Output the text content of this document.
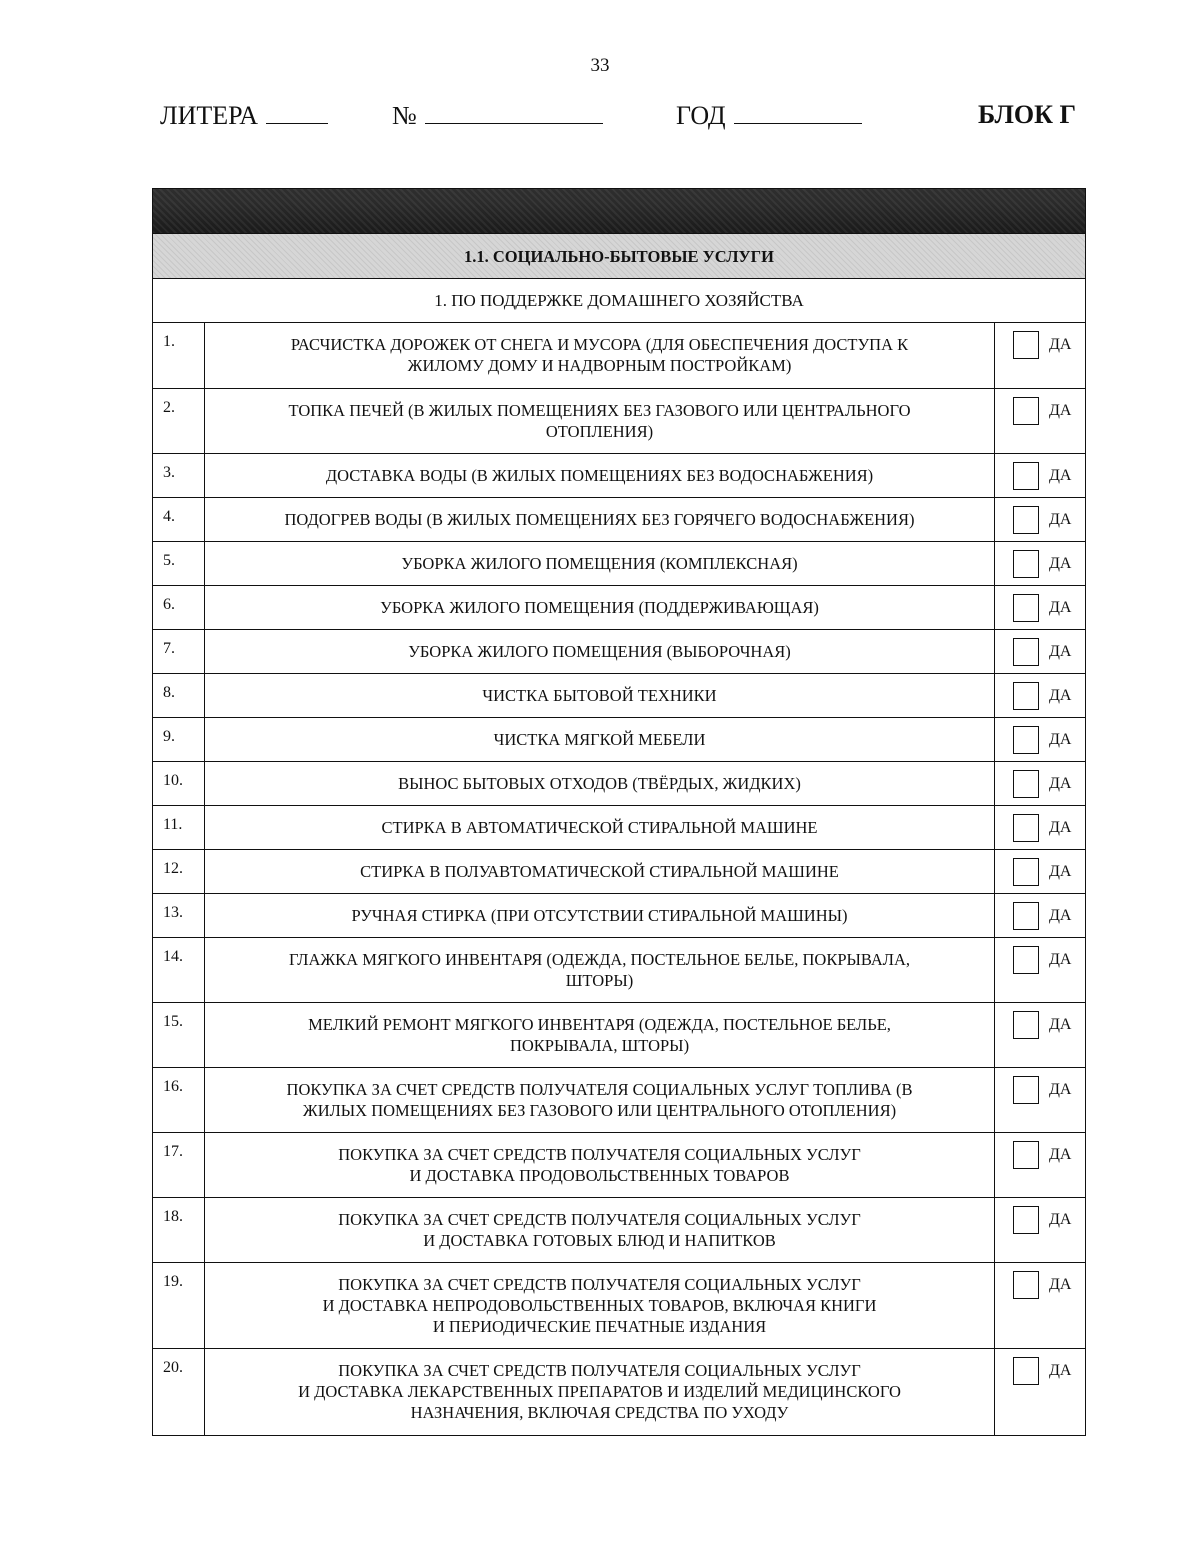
33
ЛИТЕРА	№	ГОД	БЛОК Г
1.1. СОЦИАЛЬНО-БЫТОВЫЕ УСЛУГИ
1. ПО ПОДДЕРЖКЕ ДОМАШНЕГО ХОЗЯЙСТВА
1.	РАСЧИСТКА ДОРОЖЕК ОТ СНЕГА И МУСОРА (ДЛЯ ОБЕСПЕЧЕНИЯ ДОСТУПА К
ЖИЛОМУ ДОМУ И НАДВОРНЫМ ПОСТРОЙКАМ)
ДА
2.	ТОПКА ПЕЧЕЙ (В ЖИЛЫХ ПОМЕЩЕНИЯХ БЕЗ ГАЗОВОГО ИЛИ ЦЕНТРАЛЬНОГО
ОТОПЛЕНИЯ)
ДА
3.	ДОСТАВКА ВОДЫ (В ЖИЛЫХ ПОМЕЩЕНИЯХ БЕЗ ВОДОСНАБЖЕНИЯ)	ДА
4.	ПОДОГРЕВ ВОДЫ (В ЖИЛЫХ ПОМЕЩЕНИЯХ БЕЗ ГОРЯЧЕГО ВОДОСНАБЖЕНИЯ)	ДА
5.	УБОРКА ЖИЛОГО ПОМЕЩЕНИЯ (КОМПЛЕКСНАЯ)	ДА
6.	УБОРКА ЖИЛОГО ПОМЕЩЕНИЯ (ПОДДЕРЖИВАЮЩАЯ)	ДА
7.	УБОРКА ЖИЛОГО ПОМЕЩЕНИЯ (ВЫБОРОЧНАЯ)	ДА
8.	ЧИСТКА БЫТОВОЙ ТЕХНИКИ	ДА
9.	ЧИСТКА МЯГКОЙ МЕБЕЛИ	ДА
10.	ВЫНОС БЫТОВЫХ ОТХОДОВ (ТВЁРДЫХ, ЖИДКИХ)	ДА
11.	СТИРКА В АВТОМАТИЧЕСКОЙ СТИРАЛЬНОЙ МАШИНЕ	ДА
12.	СТИРКА В ПОЛУАВТОМАТИЧЕСКОЙ СТИРАЛЬНОЙ МАШИНЕ	ДА
13.	РУЧНАЯ СТИРКА (ПРИ ОТСУТСТВИИ СТИРАЛЬНОЙ МАШИНЫ)	ДА
14.	ГЛАЖКА МЯГКОГО ИНВЕНТАРЯ (ОДЕЖДА, ПОСТЕЛЬНОЕ БЕЛЬЕ, ПОКРЫВАЛА,
ШТОРЫ)
ДА
15.	МЕЛКИЙ РЕМОНТ МЯГКОГО ИНВЕНТАРЯ (ОДЕЖДА, ПОСТЕЛЬНОЕ БЕЛЬЕ,
ПОКРЫВАЛА, ШТОРЫ)
ДА
16.	ПОКУПКА ЗА СЧЕТ СРЕДСТВ ПОЛУЧАТЕЛЯ СОЦИАЛЬНЫХ УСЛУГ ТОПЛИВА (В
ЖИЛЫХ ПОМЕЩЕНИЯХ БЕЗ ГАЗОВОГО ИЛИ ЦЕНТРАЛЬНОГО ОТОПЛЕНИЯ)
ДА
17.	ПОКУПКА ЗА СЧЕТ СРЕДСТВ ПОЛУЧАТЕЛЯ СОЦИАЛЬНЫХ УСЛУГ
И ДОСТАВКА ПРОДОВОЛЬСТВЕННЫХ ТОВАРОВ
ДА
18.	ПОКУПКА ЗА СЧЕТ СРЕДСТВ ПОЛУЧАТЕЛЯ СОЦИАЛЬНЫХ УСЛУГ
И ДОСТАВКА ГОТОВЫХ БЛЮД И НАПИТКОВ
ДА
19.	ПОКУПКА ЗА СЧЕТ СРЕДСТВ ПОЛУЧАТЕЛЯ СОЦИАЛЬНЫХ УСЛУГ
И ДОСТАВКА НЕПРОДОВОЛЬСТВЕННЫХ ТОВАРОВ, ВКЛЮЧАЯ КНИГИ
И ПЕРИОДИЧЕСКИЕ ПЕЧАТНЫЕ ИЗДАНИЯ
ДА
20.	ПОКУПКА ЗА СЧЕТ СРЕДСТВ ПОЛУЧАТЕЛЯ СОЦИАЛЬНЫХ УСЛУГ
И ДОСТАВКА ЛЕКАРСТВЕННЫХ ПРЕПАРАТОВ И ИЗДЕЛИЙ МЕДИЦИНСКОГО
НАЗНАЧЕНИЯ, ВКЛЮЧАЯ СРЕДСТВА ПО УХОДУ
ДА
